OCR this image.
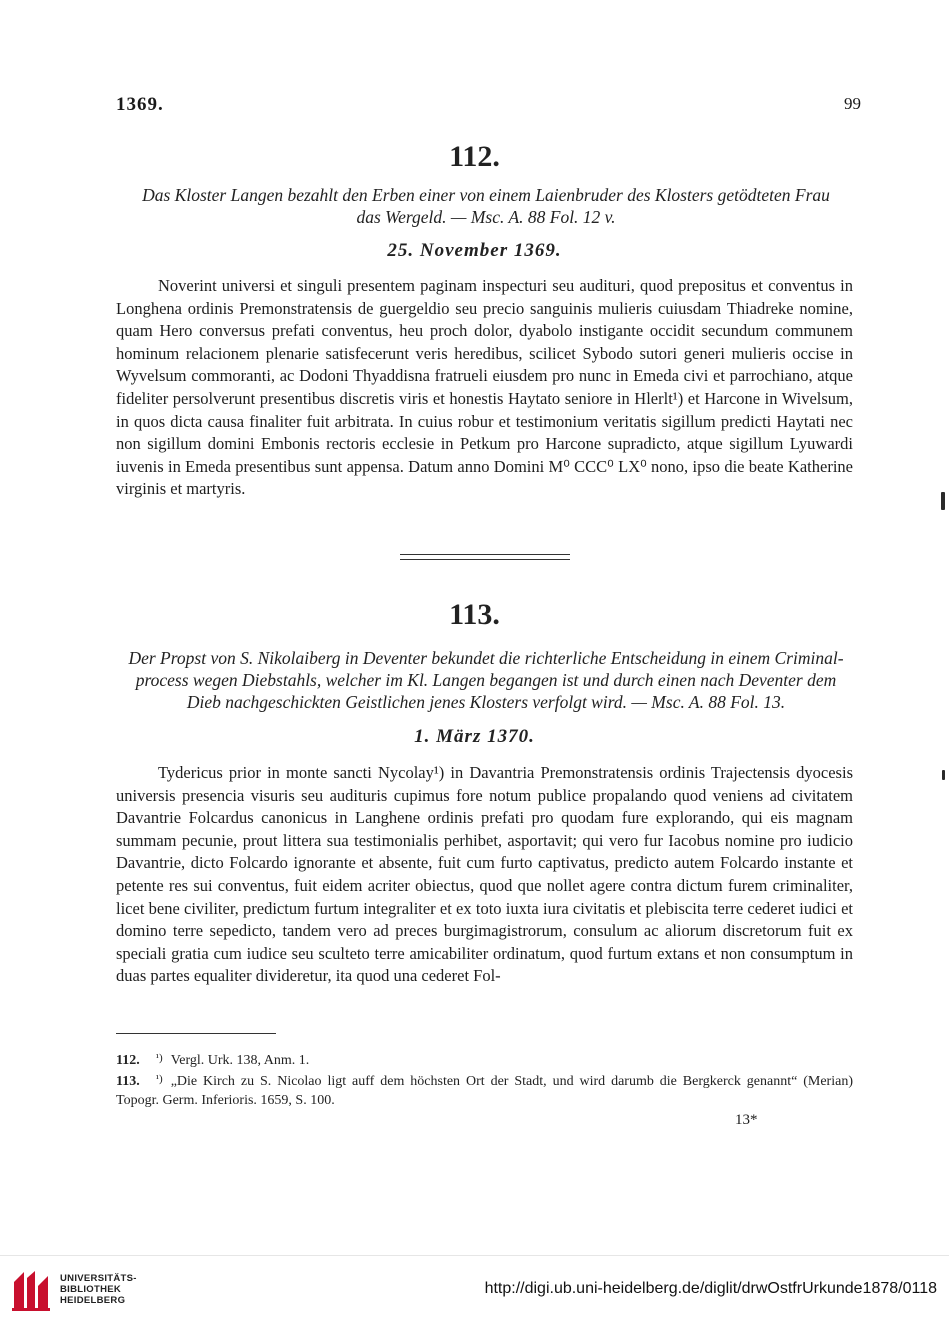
1369.	99
112.
Das Kloster Langen bezahlt den Erben einer von einem Laienbruder des Klosters getödteten Frau
das Wergeld. — Msc. A. 88 Fol. 12 v.
25. November 1369.

Noverint universi et singuli presentem paginam inspecturi seu audituri, quod prepositus et conventus in Longhena ordinis Premonstratensis de guergeldio seu precio sanguinis mulieris cuiusdam Thiadreke nomine, quam Hero conversus prefati conventus, heu proch dolor, dyabolo instigante occidit secundum communem hominum relacionem plenarie satisfecerunt veris heredibus, scilicet Sybodo sutori generi mulieris occise in Wyvelsum commoranti, ac Dodoni Thyaddisna fratrueli eiusdem pro nunc in Emeda civi et parrochiano, atque fideliter persolverunt presentibus discretis viris et honestis Haytato seniore in Hlerlt¹) et Harcone in Wivelsum, in quos dicta causa finaliter fuit arbitrata. In cuius robur et testimonium veritatis sigillum predicti Haytati nec non sigillum domini Embonis rectoris ecclesie in Petkum pro Harcone supradicto, atque sigillum Lyuwardi iuvenis in Emeda presentibus sunt appensa. Datum anno Domini M⁰ CCC⁰ LX⁰ nono, ipso die beate Katherine virginis et martyris.

113.
Der Propst von S. Nikolaiberg in Deventer bekundet die richterliche Entscheidung in einem Criminal-
process wegen Diebstahls, welcher im Kl. Langen begangen ist und durch einen nach Deventer dem
Dieb nachgeschickten Geistlichen jenes Klosters verfolgt wird. — Msc. A. 88 Fol. 13.
1. März 1370.

Tydericus prior in monte sancti Nycolay¹) in Davantria Premonstratensis ordinis Trajectensis dyocesis universis presencia visuris seu audituris cupimus fore notum publice propalando quod veniens ad civitatem Davantrie Folcardus canonicus in Langhene ordinis prefati pro quodam fure explorando, qui eis magnam summam pecunie, prout littera sua testimonialis perhibet, asportavit; qui vero fur Iacobus nomine pro iudicio Davantrie, dicto Folcardo ignorante et absente, fuit cum furto captivatus, predicto autem Folcardo instante et petente res sui conventus, fuit eidem acriter obiectus, quod que nollet agere contra dictum furem criminaliter, licet bene civiliter, predictum furtum integraliter et ex toto iuxta iura civitatis et plebiscita terre cederet iudici et domino terre sepedicto, tandem vero ad preces burgimagistrorum, consulum ac aliorum discretorum fuit ex speciali gratia cum iudice seu sculteto terre amicabiliter ordinatum, quod furtum extans et non consumptum in duas partes equaliter divideretur, ita quod una cederet Fol-

112. $^{^1)}$ Vergl. Urk. 138, Anm. 1.

113. $^{^1)}$ „Die Kirch zu S. Nicolao ligt auff dem höchsten Ort der Stadt, und wird darumb die Bergkerck genannt“ (Merian) Topogr. Germ. Inferioris. 1659, S. 100.

13*
UNIVERSITÄTS-
BIBLIOTHEK
HEIDELBERG
http://digi.ub.uni-heidelberg.de/diglit/drwOstfrUrkunde1878/0118
